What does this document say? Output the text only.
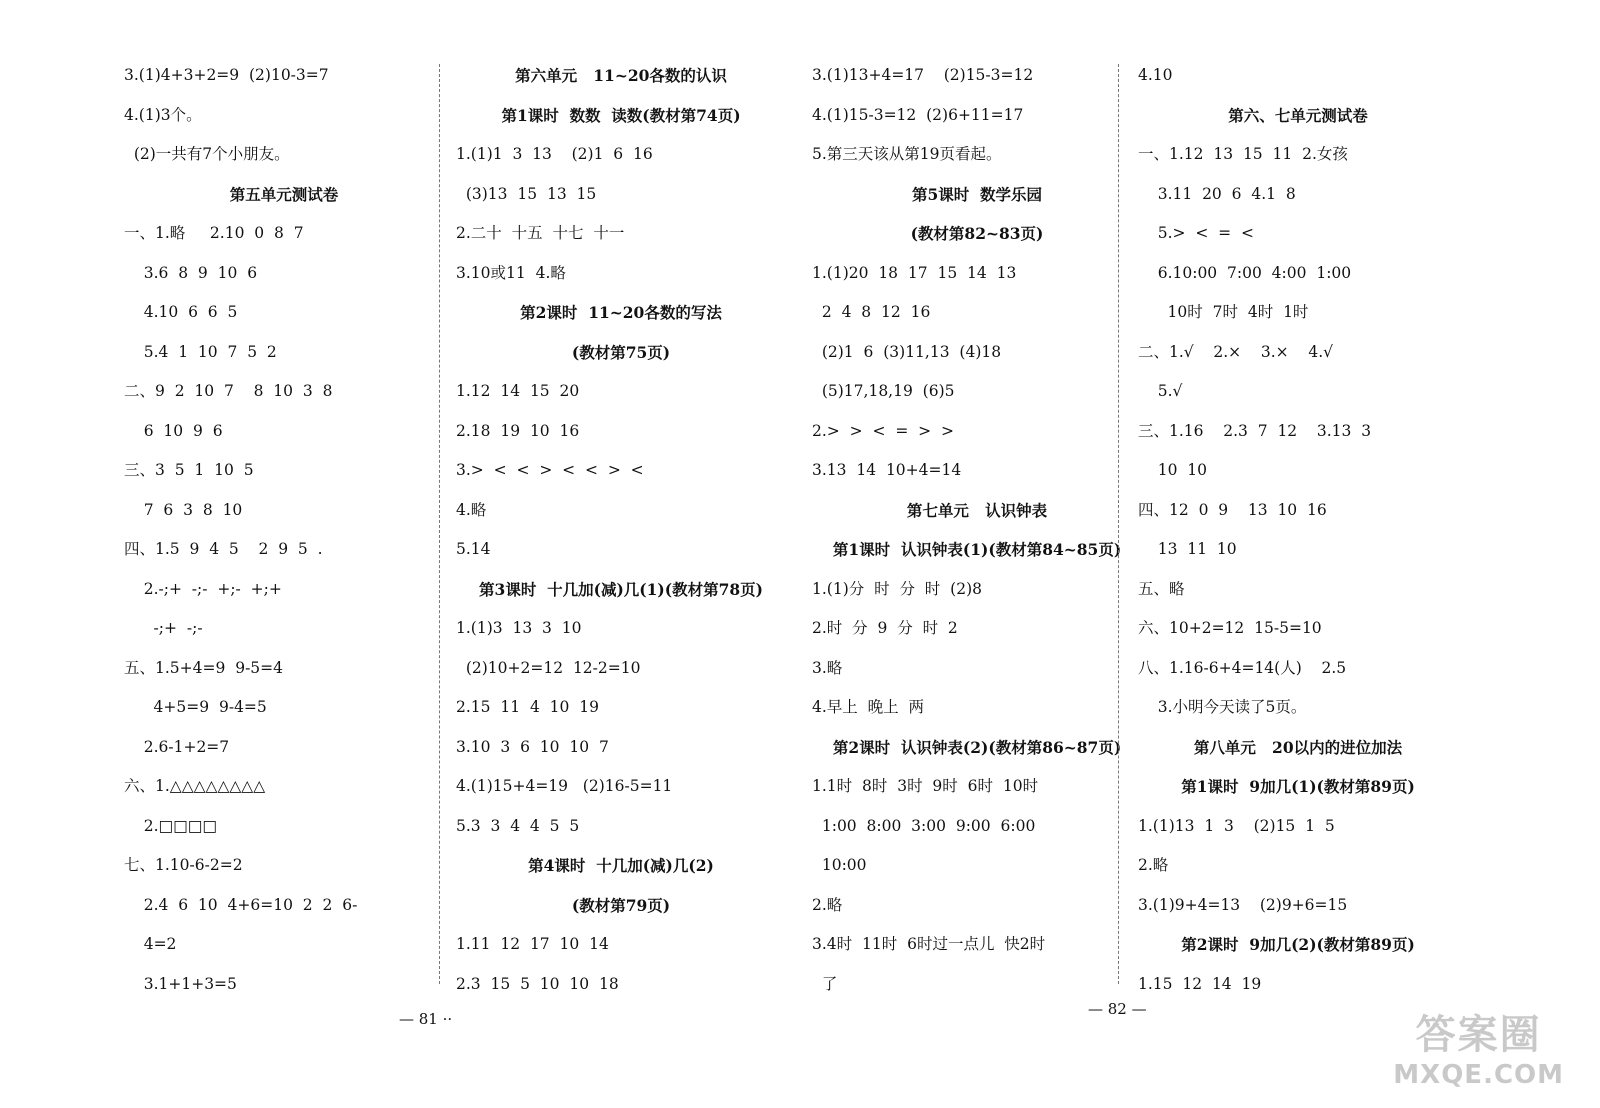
3.(1)4+3+2=9  (2)10-3=7
4.(1)3个。
(2)一共有7个小朋友。
第五单元测试卷
一、1.略     2.10  0  8  7
3.6  8  9  10  6
4.10  6  6  5
5.4  1  10  7  5  2
二、9  2  10  7    8  10  3  8
6  10  9  6
三、3  5  1  10  5
7  6  3  8  10
四、1.5  9  4  5    2  9  5  .
2.-;+  -;-  +;-  +;+
-;+  -;-
五、1.5+4=9  9-5=4
4+5=9  9-4=5
2.6-1+2=7
六、1.△△△△△△△△
2.□□□□
七、1.10-6-2=2
2.4  6  10  4+6=10  2  2  6-
4=2
3.1+1+3=5
第六单元   11~20各数的认识
第1课时  数数  读数(教材第74页)
1.(1)1  3  13    (2)1  6  16
(3)13  15  13  15
2.二十  十五  十七  十一
3.10或11  4.略
第2课时  11~20各数的写法
(教材第75页)
1.12  14  15  20
2.18  19  10  16
3.>  <  <  >  <  <  >  <
4.略
5.14
第3课时  十几加(减)几(1)(教材第78页)
1.(1)3  13  3  10
(2)10+2=12  12-2=10
2.15  11  4  10  19
3.10  3  6  10  10  7
4.(1)15+4=19   (2)16-5=11
5.3  3  4  4  5  5
第4课时  十几加(减)几(2)
(教材第79页)
1.11  12  17  10  14
2.3  15  5  10  10  18
3.(1)13+4=17    (2)15-3=12
4.(1)15-3=12  (2)6+11=17
5.第三天该从第19页看起。
第5课时  数学乐园
(教材第82~83页)
1.(1)20  18  17  15  14  13
2  4  8  12  16
(2)1  6  (3)11,13  (4)18
(5)17,18,19  (6)5
2.>  >  <  =  >  >
3.13  14  10+4=14
第七单元   认识钟表
第1课时  认识钟表(1)(教材第84~85页)
1.(1)分  时  分  时  (2)8
2.时  分  9  分  时  2
3.略
4.早上  晚上  两
第2课时  认识钟表(2)(教材第86~87页)
1.1时  8时  3时  9时  6时  10时
1:00  8:00  3:00  9:00  6:00
10:00
2.略
3.4时  11时  6时过一点儿  快2时
了
4.10
第六、七单元测试卷
一、1.12  13  15  11  2.女孩
3.11  20  6  4.1  8
5.>  <  =  <
6.10:00  7:00  4:00  1:00
10时  7时  4时  1时
二、1.√    2.×    3.×    4.√
5.√
三、1.16    2.3  7  12    3.13  3
10  10
四、12  0  9    13  10  16
13  11  10
五、略
六、10+2=12  15-5=10
八、1.16-6+4=14(人)    2.5
3.小明今天读了5页。
第八单元   20以内的进位加法
第1课时  9加几(1)(教材第89页)
1.(1)13  1  3    (2)15  1  5
2.略
3.(1)9+4=13    (2)9+6=15
第2课时  9加几(2)(教材第89页)
1.15  12  14  19
— 81 ··
— 82 —
答案圈
MXQE.COM
